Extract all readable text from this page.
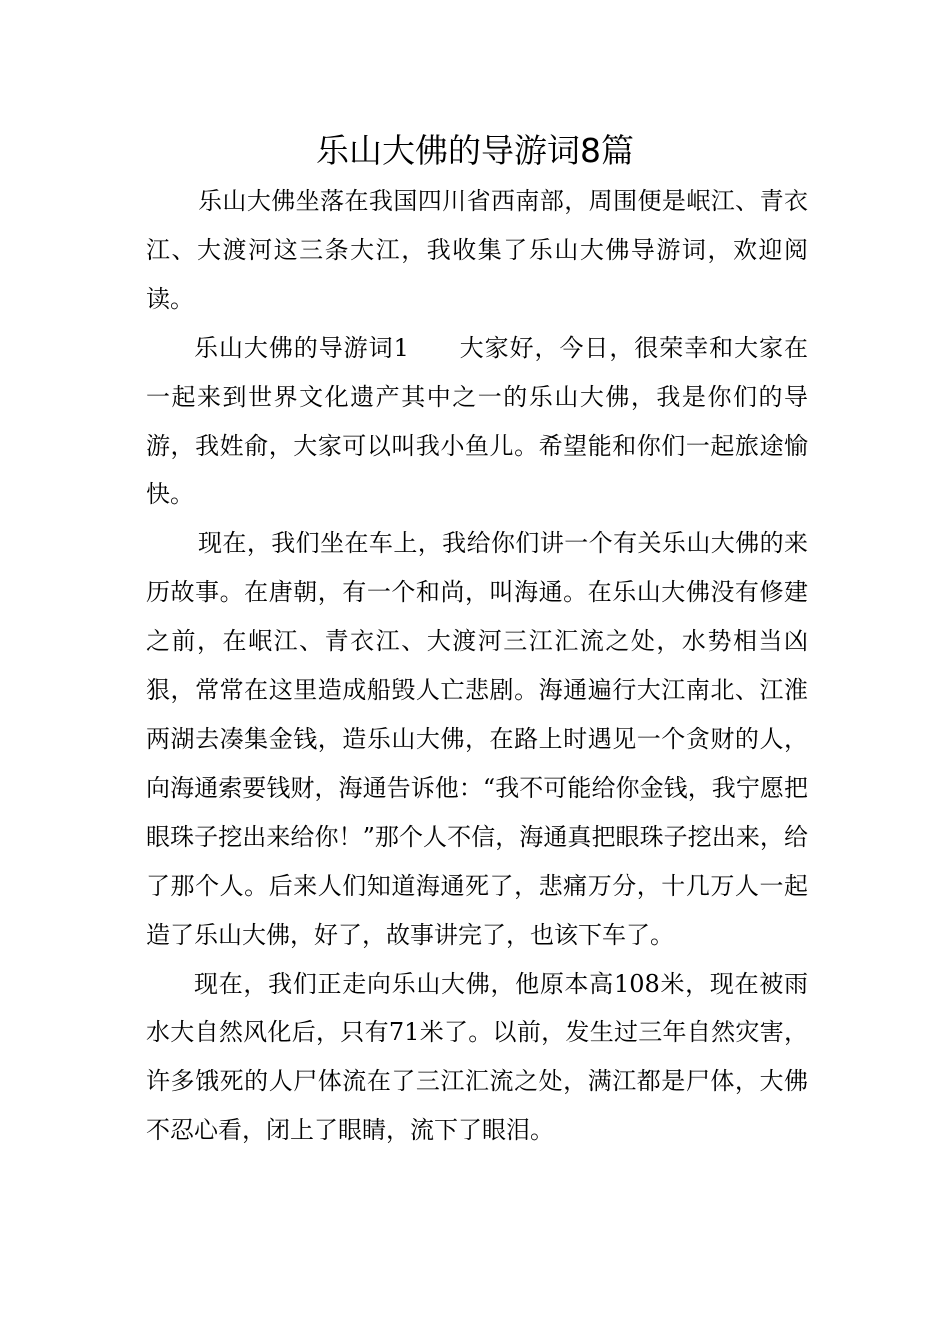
乐山大佛的导游词8篇

乐山大佛坐落在我国四川省西南部，周围便是岷江、青衣江、大渡河这三条大江，我收集了乐山大佛导游词，欢迎阅读。

乐山大佛的导游词1　　大家好，今日，很荣幸和大家在一起来到世界文化遗产其中之一的乐山大佛，我是你们的导游，我姓俞，大家可以叫我小鱼儿。希望能和你们一起旅途愉快。

现在，我们坐在车上，我给你们讲一个有关乐山大佛的来历故事。在唐朝，有一个和尚，叫海通。在乐山大佛没有修建之前，在岷江、青衣江、大渡河三江汇流之处，水势相当凶狠，常常在这里造成船毁人亡悲剧。海通遍行大江南北、江淮两湖去凑集金钱，造乐山大佛，在路上时遇见一个贪财的人，向海通索要钱财，海通告诉他：“我不可能给你金钱，我宁愿把眼珠子挖出来给你！”那个人不信，海通真把眼珠子挖出来，给了那个人。后来人们知道海通死了，悲痛万分，十几万人一起造了乐山大佛，好了，故事讲完了，也该下车了。

现在，我们正走向乐山大佛，他原本高108米，现在被雨水大自然风化后，只有71米了。以前，发生过三年自然灾害，许多饿死的人尸体流在了三江汇流之处，满江都是尸体，大佛不忍心看，闭上了眼睛，流下了眼泪。
